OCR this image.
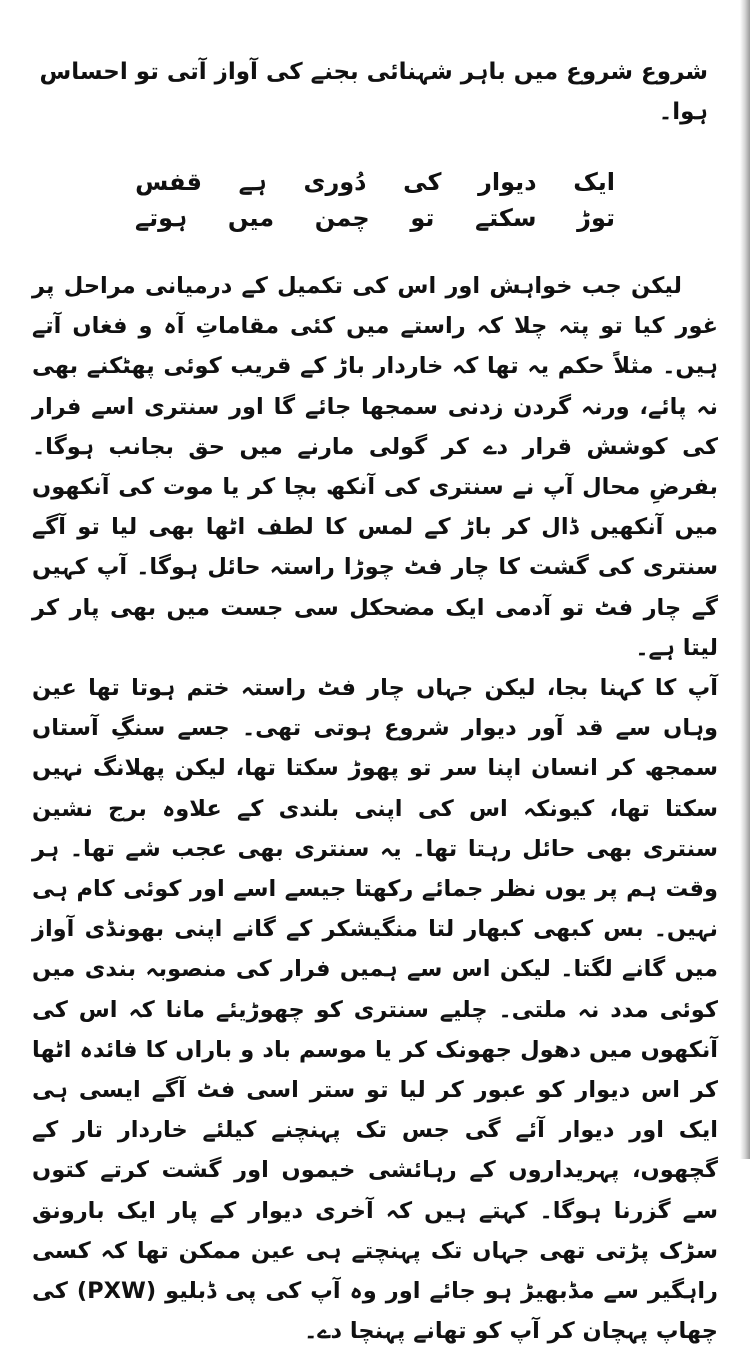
شروع شروع میں باہر شہنائی بجنے کی آواز آتی تو احساس ہوا۔

ایک
دیوار
کی
دُوری
ہے
قفس
توڑ
سکتے
تو
چمن
میں
ہوتے

لیکن جب خواہش اور اس کی تکمیل کے درمیانی مراحل پر غور کیا تو پتہ چلا کہ راستے میں کئی مقاماتِ آہ و فغاں آتے ہیں۔ مثلاً حکم یہ تھا کہ خاردار باڑ کے قریب کوئی پھٹکنے بھی نہ پائے، ورنہ گردن زدنی سمجھا جائے گا اور سنتری اسے فرار کی کوشش قرار دے کر گولی مارنے میں حق بجانب ہوگا۔ بفرضِ محال آپ نے سنتری کی آنکھ بچا کر یا موت کی آنکھوں میں آنکھیں ڈال کر باڑ کے لمس کا لطف اٹھا بھی لیا تو آگے سنتری کی گشت کا چار فٹ چوڑا راستہ حائل ہوگا۔ آپ کہیں گے چار فٹ تو آدمی ایک مضحکل سی جست میں بھی پار کر لیتا ہے۔

آپ کا کہنا بجا، لیکن جہاں چار فٹ راستہ ختم ہوتا تھا عین وہاں سے قد آور دیوار شروع ہوتی تھی۔ جسے سنگِ آستاں سمجھ کر انسان اپنا سر تو پھوڑ سکتا تھا، لیکن پھلانگ نہیں سکتا تھا، کیونکہ اس کی اپنی بلندی کے علاوہ برج نشین سنتری بھی حائل رہتا تھا۔ یہ سنتری بھی عجب شے تھا۔ ہر وقت ہم پر یوں نظر جمائے رکھتا جیسے اسے اور کوئی کام ہی نہیں۔ بس کبھی کبھار لتا منگیشکر کے گانے اپنی بھونڈی آواز میں گانے لگتا۔ لیکن اس سے ہمیں فرار کی منصوبہ بندی میں کوئی مدد نہ ملتی۔ چلیے سنتری کو چھوڑیئے مانا کہ اس کی آنکھوں میں دھول جھونک کر یا موسم باد و باراں کا فائدہ اٹھا کر اس دیوار کو عبور کر لیا تو ستر اسی فٹ آگے ایسی ہی ایک اور دیوار آئے گی جس تک پہنچنے کیلئے خاردار تار کے گچھوں، پہریداروں کے رہائشی خیموں اور گشت کرتے کتوں سے گزرنا ہوگا۔ کہتے ہیں کہ آخری دیوار کے پار ایک بارونق سڑک پڑتی تھی جہاں تک پہنچتے ہی عین ممکن تھا کہ کسی راہگیر سے مڈبھیڑ ہو جائے اور وہ آپ کی پی ڈبلیو (PXW) کی چھاپ پہچان کر آپ کو تھانے پہنچا دے۔
